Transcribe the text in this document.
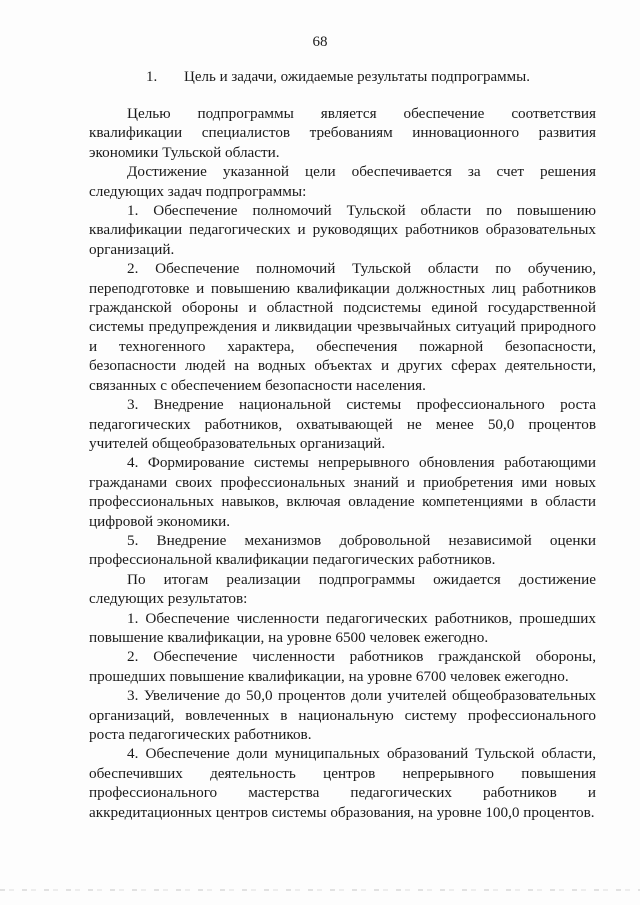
68
1. Цель и задачи, ожидаемые результаты подпрограммы.

Целью подпрограммы является обеспечение соответствия квалификации специалистов требованиям инновационного развития экономики Тульской области.

Достижение указанной цели обеспечивается за счет решения следующих задач подпрограммы:

1. Обеспечение полномочий Тульской области по повышению квалификации педагогических и руководящих работников образовательных организаций.

2. Обеспечение полномочий Тульской области по обучению, переподготовке и повышению квалификации должностных лиц работников гражданской обороны и областной подсистемы единой государственной системы предупреждения и ликвидации чрезвычайных ситуаций природного и техногенного характера, обеспечения пожарной безопасности, безопасности людей на водных объектах и других сферах деятельности, связанных с обеспечением безопасности населения.

3. Внедрение национальной системы профессионального роста педагогических работников, охватывающей не менее 50,0 процентов учителей общеобразовательных организаций.

4. Формирование системы непрерывного обновления работающими гражданами своих профессиональных знаний и приобретения ими новых профессиональных навыков, включая овладение компетенциями в области цифровой экономики.

5. Внедрение механизмов добровольной независимой оценки профессиональной квалификации педагогических работников.

По итогам реализации подпрограммы ожидается достижение следующих результатов:

1. Обеспечение численности педагогических работников, прошедших повышение квалификации, на уровне 6500 человек ежегодно.

2. Обеспечение численности работников гражданской обороны, прошедших повышение квалификации, на уровне 6700 человек ежегодно.

3. Увеличение до 50,0 процентов доли учителей общеобразовательных организаций, вовлеченных в национальную систему профессионального роста педагогических работников.

4. Обеспечение доли муниципальных образований Тульской области, обеспечивших деятельность центров непрерывного повышения профессионального мастерства педагогических работников и аккредитационных центров системы образования, на уровне 100,0 процентов.
